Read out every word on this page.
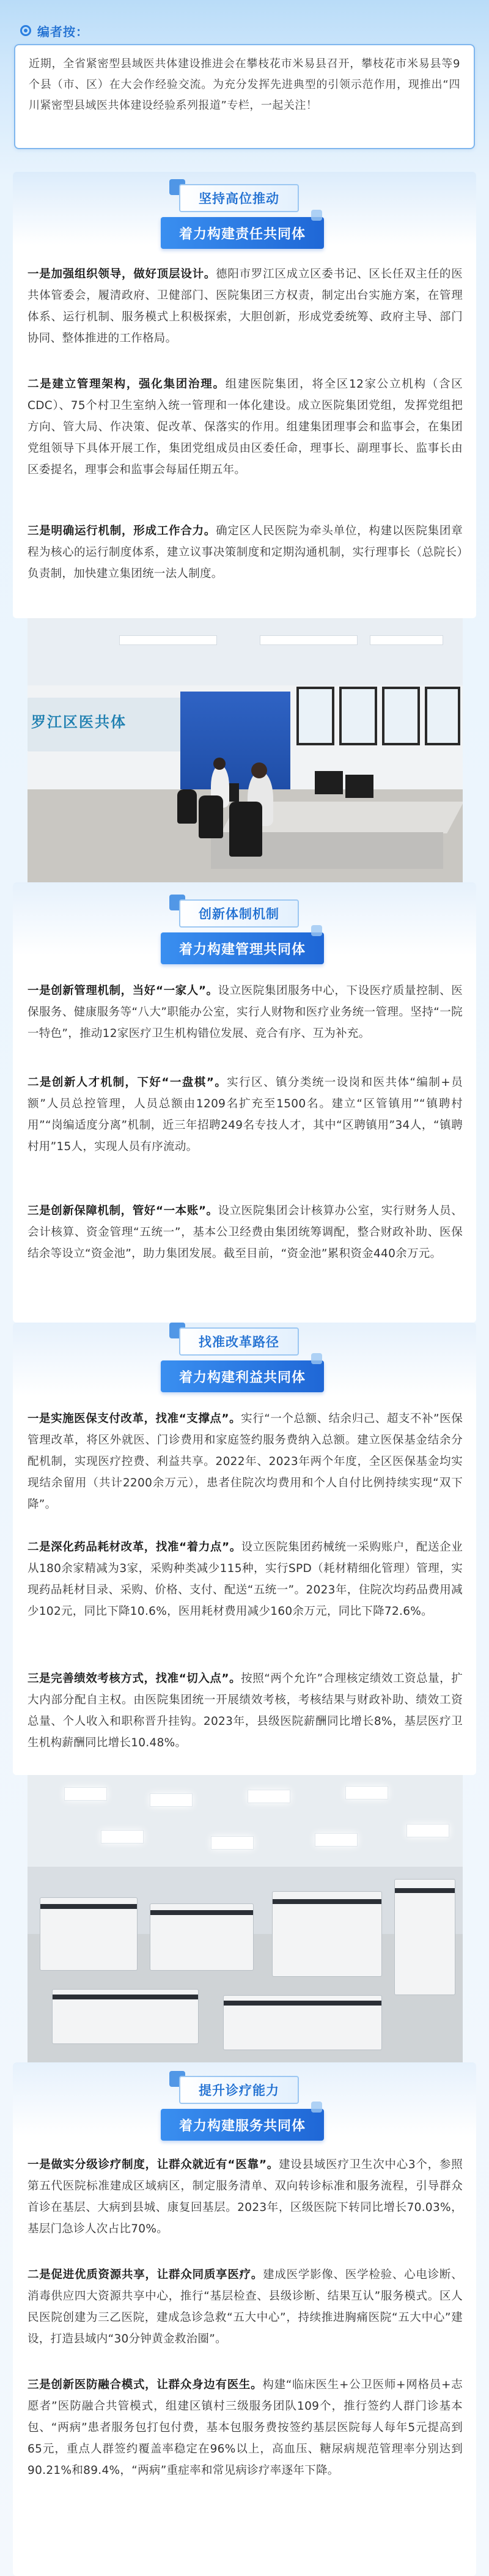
编者按：

近期，全省紧密型县域医共体建设推进会在攀枝花市米易县召开，攀枝花市米易县等9个县（市、区）在大会作经验交流。为充分发挥先进典型的引领示范作用，现推出“四川紧密型县域医共体建设经验系列报道”专栏，一起关注！

坚持高位推动
着力构建责任共同体

一是加强组织领导，做好顶层设计。德阳市罗江区成立区委书记、区长任双主任的医共体管委会，履清政府、卫健部门、医院集团三方权责，制定出台实施方案，在管理体系、运行机制、服务模式上积极探索，大胆创新，形成党委统筹、政府主导、部门协同、整体推进的工作格局。

二是建立管理架构，强化集团治理。组建医院集团，将全区12家公立机构（含区CDC）、75个村卫生室纳入统一管理和一体化建设。成立医院集团党组，发挥党组把方向、管大局、作决策、促改革、保落实的作用。组建集团理事会和监事会，在集团党组领导下具体开展工作，集团党组成员由区委任命，理事长、副理事长、监事长由区委提名，理事会和监事会每届任期五年。

三是明确运行机制，形成工作合力。确定区人民医院为牵头单位，构建以医院集团章程为核心的运行制度体系，建立议事决策制度和定期沟通机制，实行理事长（总院长）负责制，加快建立集团统一法人制度。

罗江区医共体
创新体制机制
着力构建管理共同体

一是创新管理机制，当好“一家人”。设立医院集团服务中心，下设医疗质量控制、医保服务、健康服务等“八大”职能办公室，实行人财物和医疗业务统一管理。坚持“一院一特色”，推动12家医疗卫生机构错位发展、竞合有序、互为补充。

二是创新人才机制，下好“一盘棋”。实行区、镇分类统一设岗和医共体“编制+员额”人员总控管理，人员总额由1209名扩充至1500名。建立“区管镇用”“镇聘村用”“岗编适度分离”机制，近三年招聘249名专技人才，其中“区聘镇用”34人，“镇聘村用”15人，实现人员有序流动。

三是创新保障机制，管好“一本账”。设立医院集团会计核算办公室，实行财务人员、会计核算、资金管理“五统一”，基本公卫经费由集团统筹调配，整合财政补助、医保结余等设立“资金池”，助力集团发展。截至目前，“资金池”累积资金440余万元。

找准改革路径
着力构建利益共同体

一是实施医保支付改革，找准“支撑点”。实行“一个总额、结余归己、超支不补”医保管理改革，将区外就医、门诊费用和家庭签约服务费纳入总额。建立医保基金结余分配机制，实现医疗控费、利益共享。2022年、2023年两个年度，全区医保基金均实现结余留用（共计2200余万元），患者住院次均费用和个人自付比例持续实现“双下降”。

二是深化药品耗材改革，找准“着力点”。设立医院集团药械统一采购账户，配送企业从180余家精减为3家，采购种类减少115种，实行SPD（耗材精细化管理）管理，实现药品耗材目录、采购、价格、支付、配送“五统一”。2023年，住院次均药品费用减少102元，同比下降10.6%，医用耗材费用减少160余万元，同比下降72.6%。

三是完善绩效考核方式，找准“切入点”。按照“两个允许”合理核定绩效工资总量，扩大内部分配自主权。由医院集团统一开展绩效考核，考核结果与财政补助、绩效工资总量、个人收入和职称晋升挂钩。2023年，县级医院薪酬同比增长8%，基层医疗卫生机构薪酬同比增长10.48%。

提升诊疗能力
着力构建服务共同体

一是做实分级诊疗制度，让群众就近有“医靠”。建设县域医疗卫生次中心3个，参照第五代医院标准建成区域病区，制定服务清单、双向转诊标准和服务流程，引导群众首诊在基层、大病到县城、康复回基层。2023年，区级医院下转同比增长70.03%，基层门急诊人次占比70%。

二是促进优质资源共享，让群众同质享医疗。建成医学影像、医学检验、心电诊断、消毒供应四大资源共享中心，推行“基层检查、县级诊断、结果互认”服务模式。区人民医院创建为三乙医院，建成急诊急救“五大中心”，持续推进胸痛医院“五大中心”建设，打造县域内“30分钟黄金救治圈”。

三是创新医防融合模式，让群众身边有医生。构建“临床医生+公卫医师+网格员+志愿者”医防融合共管模式，组建区镇村三级服务团队109个，推行签约人群门诊基本包、“两病”患者服务包打包付费，基本包服务费按签约基层医院每人每年5元提高到65元，重点人群签约覆盖率稳定在96%以上，高血压、糖尿病规范管理率分别达到90.21%和89.4%，“两病”重症率和常见病诊疗率逐年下降。
